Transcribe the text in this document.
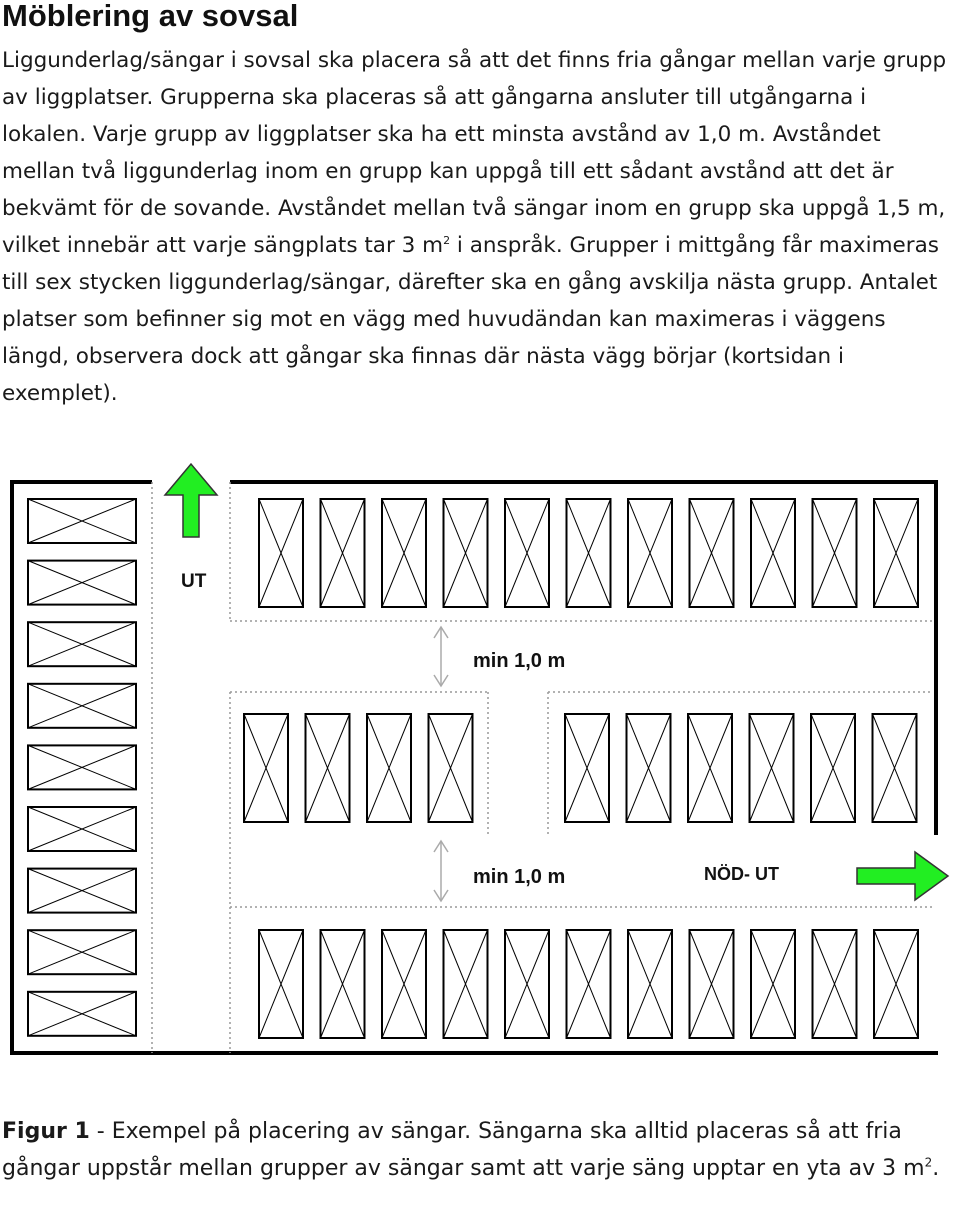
Möblering av sovsal

Liggunderlag/sängar i sovsal ska placera så att det finns fria gångar mellan varje grupp av liggplatser. Grupperna ska placeras så att gångarna ansluter till utgångarna i lokalen. Varje grupp av liggplatser ska ha ett minsta avstånd av 1,0 m. Avståndet mellan två liggunderlag inom en grupp kan uppgå till ett sådant avstånd att det är bekvämt för de sovande. Avståndet mellan två sängar inom en grupp ska uppgå 1,5 m, vilket innebär att varje sängplats tar 3 $m^2$ i anspråk. Grupper i mittgång får maximeras till sex stycken liggunderlag/sängar, därefter ska en gång avskilja nästa grupp. Antalet platser som befinner sig mot en vägg med huvudändan kan maximeras i väggens längd, observera dock att gångar ska finnas där nästa vägg börjar (kortsidan i exemplet).

min 1,0 m
min 1,0 m
UT
NÖD- UT

Figur 1 - Exempel på placering av sängar. Sängarna ska alltid placeras så att fria gångar uppstår mellan grupper av sängar samt att varje säng upptar en yta av 3 $m^2$.
